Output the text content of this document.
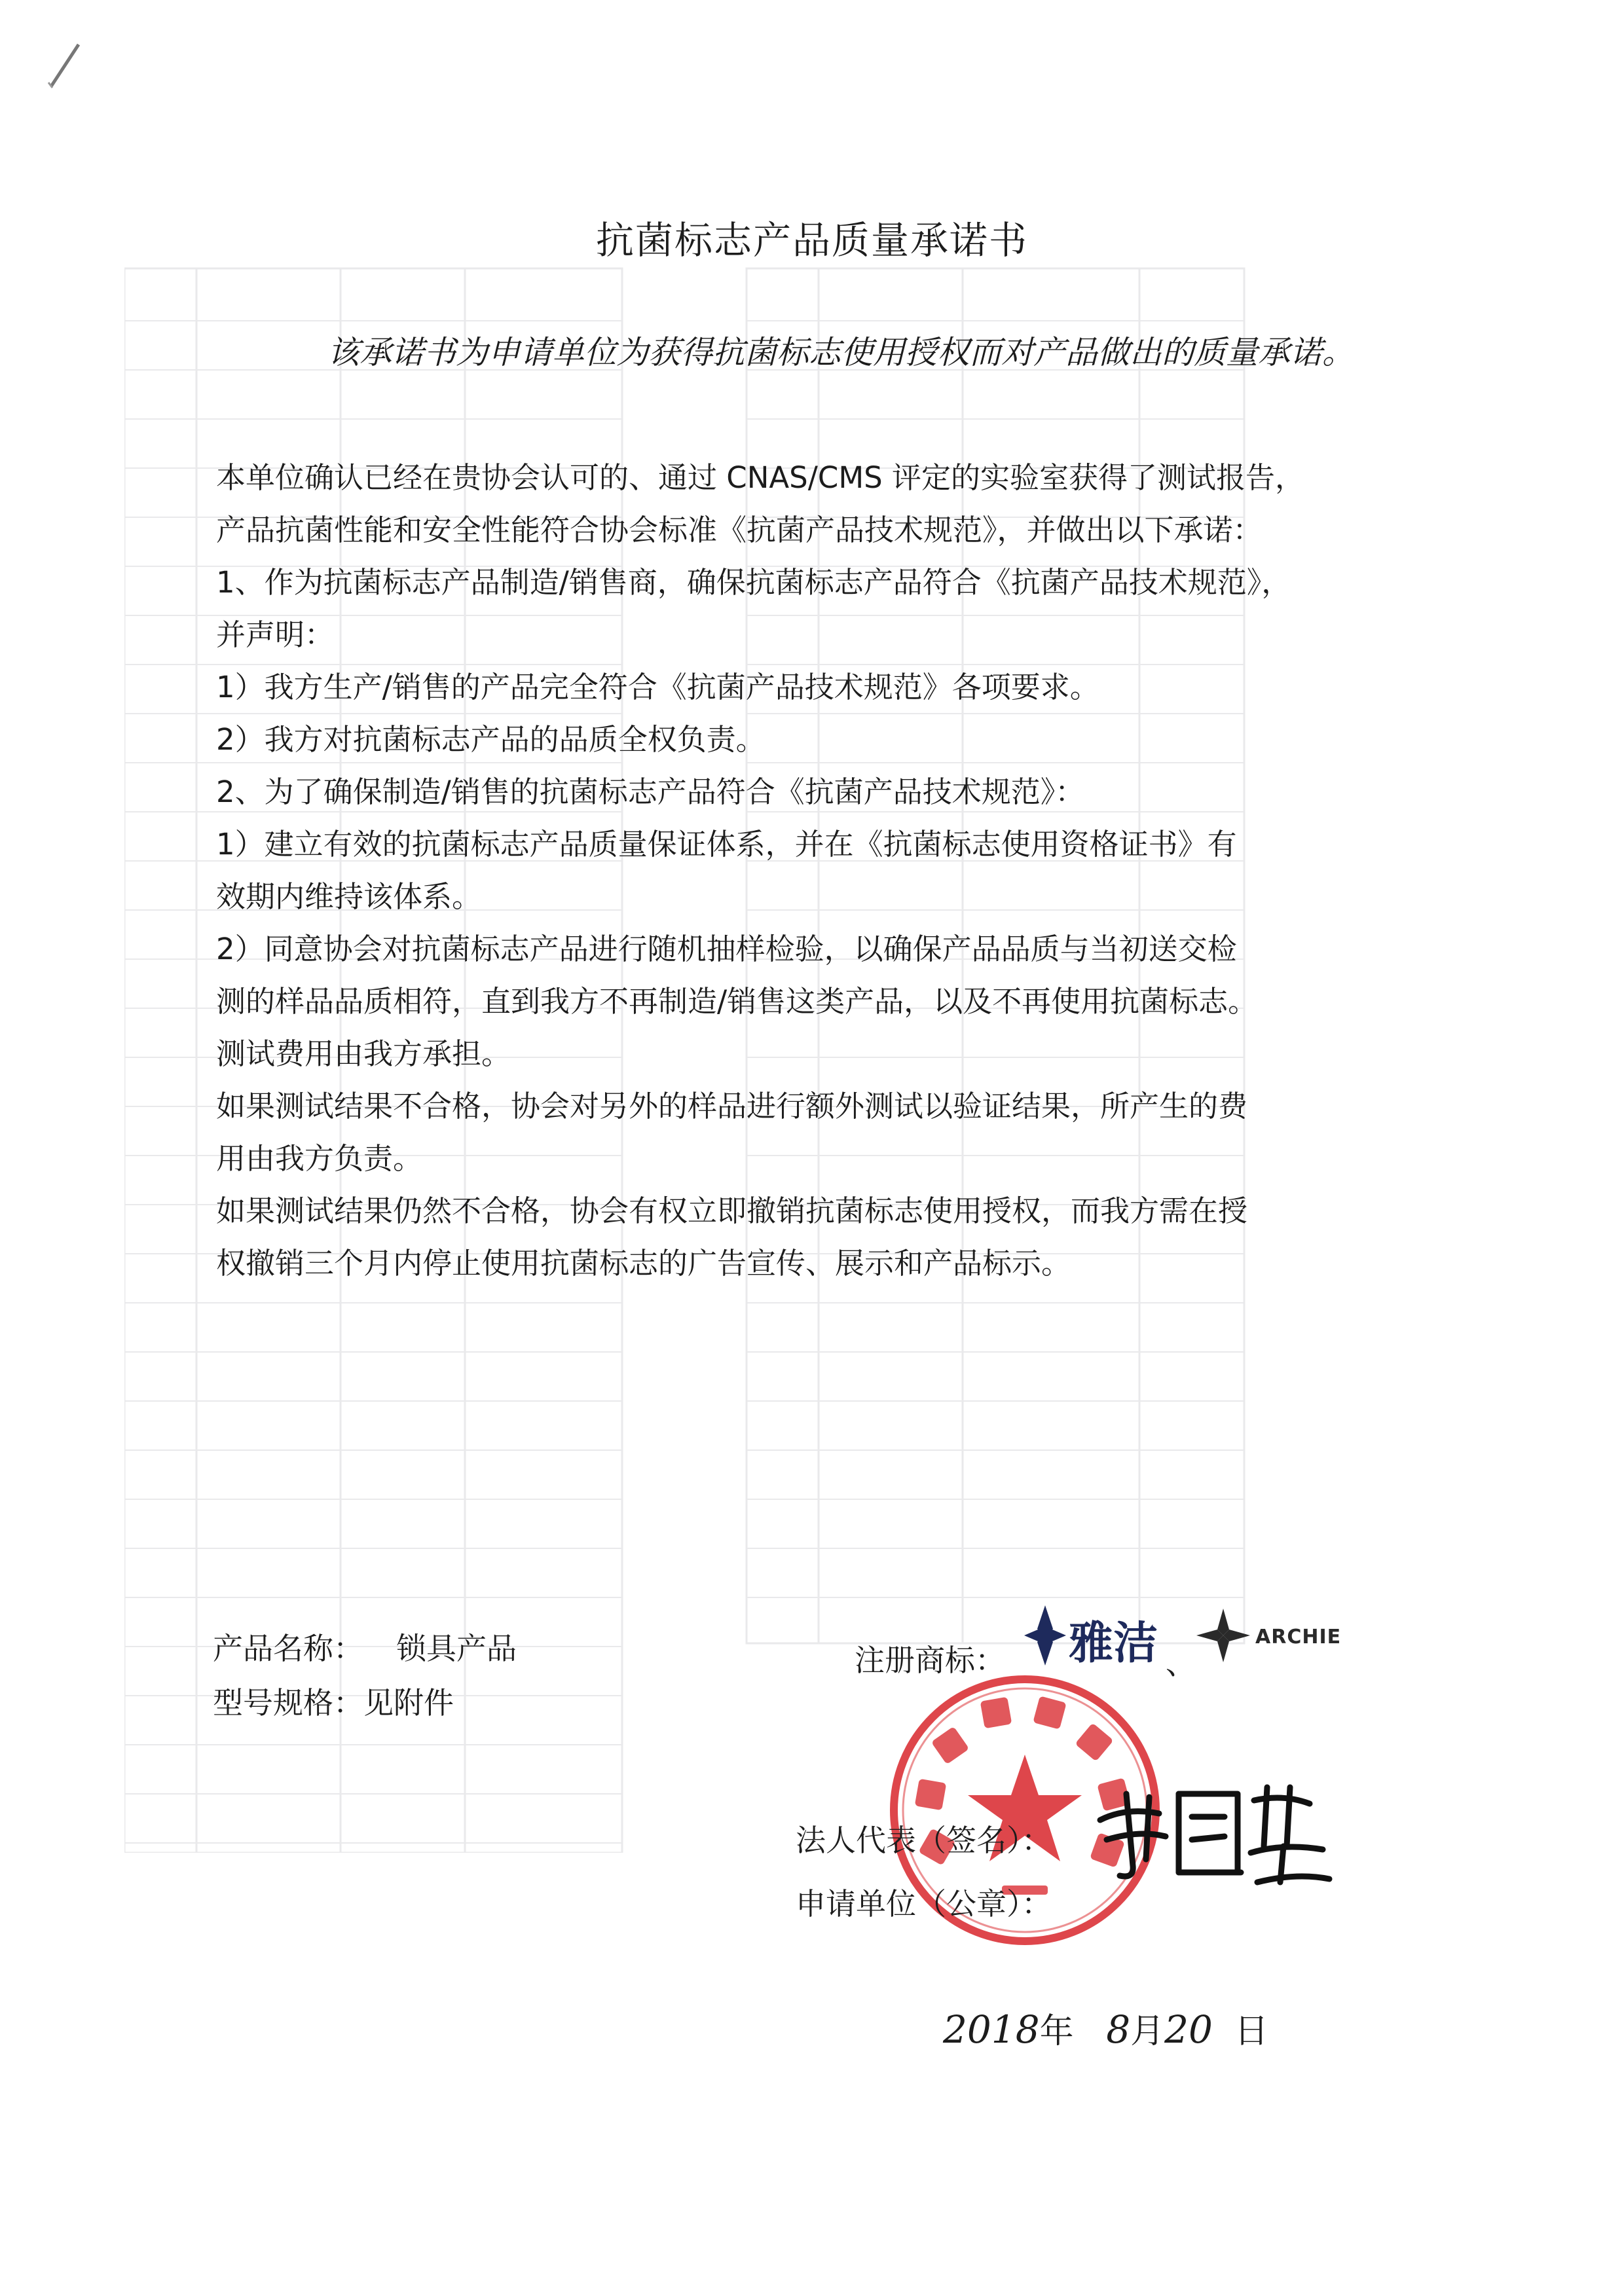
抗菌标志产品质量承诺书
该承诺书为申请单位为获得抗菌标志使用授权而对产品做出的质量承诺。
本单位确认已经在贵协会认可的、通过 CNAS/CMS 评定的实验室获得了测试报告，
产品抗菌性能和安全性能符合协会标准《抗菌产品技术规范》，并做出以下承诺：
1、作为抗菌标志产品制造/销售商，确保抗菌标志产品符合《抗菌产品技术规范》，
并声明：
1）我方生产/销售的产品完全符合《抗菌产品技术规范》各项要求。
2）我方对抗菌标志产品的品质全权负责。
2、为了确保制造/销售的抗菌标志产品符合《抗菌产品技术规范》：
1）建立有效的抗菌标志产品质量保证体系，并在《抗菌标志使用资格证书》有
效期内维持该体系。
2）同意协会对抗菌标志产品进行随机抽样检验，以确保产品品质与当初送交检
测的样品品质相符，直到我方不再制造/销售这类产品，以及不再使用抗菌标志。
测试费用由我方承担。
如果测试结果不合格，协会对另外的样品进行额外测试以验证结果，所产生的费
用由我方负责。
如果测试结果仍然不合格，协会有权立即撤销抗菌标志使用授权，而我方需在授
权撤销三个月内停止使用抗菌标志的广告宣传、展示和产品标示。
产品名称： 锁具产品
型号规格：见附件
注册商标： 雅洁 、
ARCHIE
法人代表（签名）：
申请单位（公章）：
2018年 8月20 日
